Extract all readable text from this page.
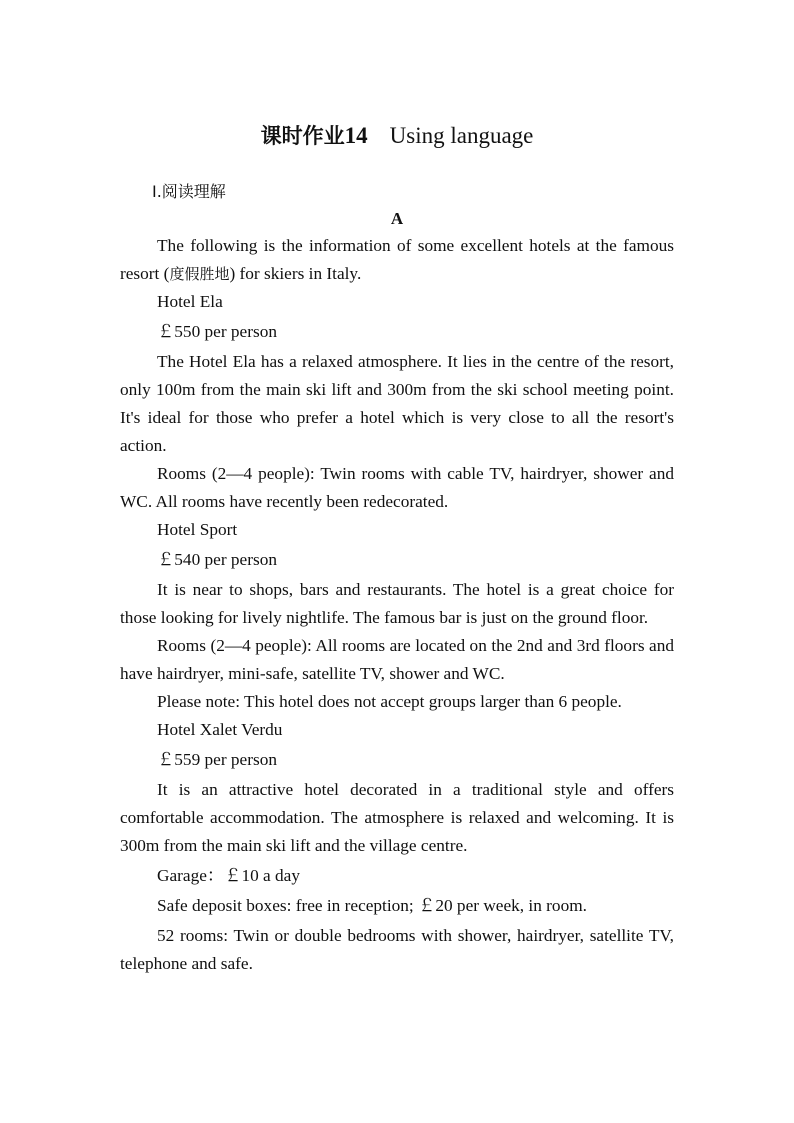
课时作业14 Using language
Ⅰ.阅读理解
A

The following is the information of some excellent hotels at the famous resort (度假胜地) for skiers in Italy.

Hotel Ela

￡550 per person

The Hotel Ela has a relaxed atmosphere. It lies in the centre of the resort, only 100m from the main ski lift and 300m from the ski school meeting point. It's ideal for those who prefer a hotel which is very close to all the resort's action.

Rooms (2—4 people): Twin rooms with cable TV, hairdryer, shower and WC. All rooms have recently been redecorated.

Hotel Sport

￡540 per person

It is near to shops, bars and restaurants. The hotel is a great choice for those looking for lively nightlife. The famous bar is just on the ground floor.

Rooms (2—4 people): All rooms are located on the 2nd and 3rd floors and have hairdryer, mini-safe, satellite TV, shower and WC.

Please note: This hotel does not accept groups larger than 6 people.

Hotel Xalet Verdu

￡559 per person

It is an attractive hotel decorated in a traditional style and offers comfortable accommodation. The atmosphere is relaxed and welcoming. It is 300m from the main ski lift and the village centre.

Garage：￡10 a day

Safe deposit boxes: free in reception; ￡20 per week, in room.

52 rooms: Twin or double bedrooms with shower, hairdryer, satellite TV, telephone and safe.
